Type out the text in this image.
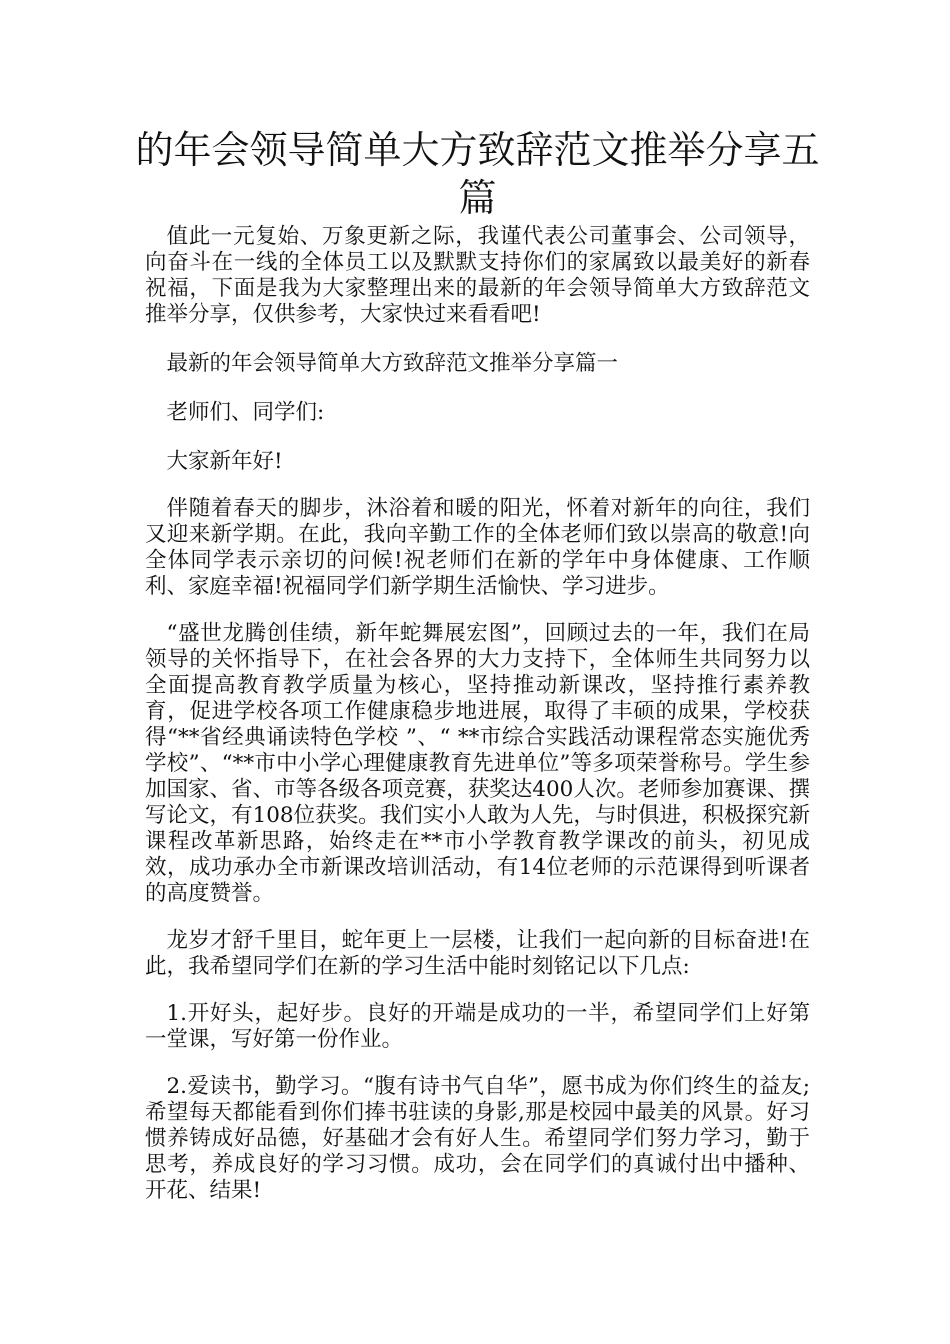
的年会领导简单大方致辞范文推举分享五篇

值此一元复始、万象更新之际，我谨代表公司董事会、公司领导，向奋斗在一线的全体员工以及默默支持你们的家属致以最美好的新春祝福，下面是我为大家整理出来的最新的年会领导简单大方致辞范文推举分享，仅供参考，大家快过来看看吧!

最新的年会领导简单大方致辞范文推举分享篇一

老师们、同学们:

大家新年好!

伴随着春天的脚步，沐浴着和暖的阳光，怀着对新年的向往，我们又迎来新学期。在此，我向辛勤工作的全体老师们致以崇高的敬意!向全体同学表示亲切的问候!祝老师们在新的学年中身体健康、工作顺利、家庭幸福!祝福同学们新学期生活愉快、学习进步。

“盛世龙腾创佳绩，新年蛇舞展宏图”，回顾过去的一年，我们在局领导的关怀指导下，在社会各界的大力支持下，全体师生共同努力以全面提高教育教学质量为核心，坚持推动新课改，坚持推行素养教育，促进学校各项工作健康稳步地进展，取得了丰硕的成果，学校获得“**省经典诵读特色学校 ”、“ **市综合实践活动课程常态实施优秀学校”、“**市中小学心理健康教育先进单位”等多项荣誉称号。学生参加国家、省、市等各级各项竞赛，获奖达400人次。老师参加赛课、撰写论文，有108位获奖。我们实小人敢为人先，与时俱进，积极探究新课程改革新思路，始终走在**市小学教育教学课改的前头，初见成效，成功承办全市新课改培训活动，有14位老师的示范课得到听课者的高度赞誉。

龙岁才舒千里目，蛇年更上一层楼，让我们一起向新的目标奋进!在此，我希望同学们在新的学习生活中能时刻铭记以下几点:

1.开好头，起好步。良好的开端是成功的一半，希望同学们上好第一堂课，写好第一份作业。

2.爱读书，勤学习。“腹有诗书气自华”，愿书成为你们终生的益友;希望每天都能看到你们捧书驻读的身影,那是校园中最美的风景。好习惯养铸成好品德，好基础才会有好人生。希望同学们努力学习，勤于思考，养成良好的学习习惯。成功，会在同学们的真诚付出中播种、开花、结果!
